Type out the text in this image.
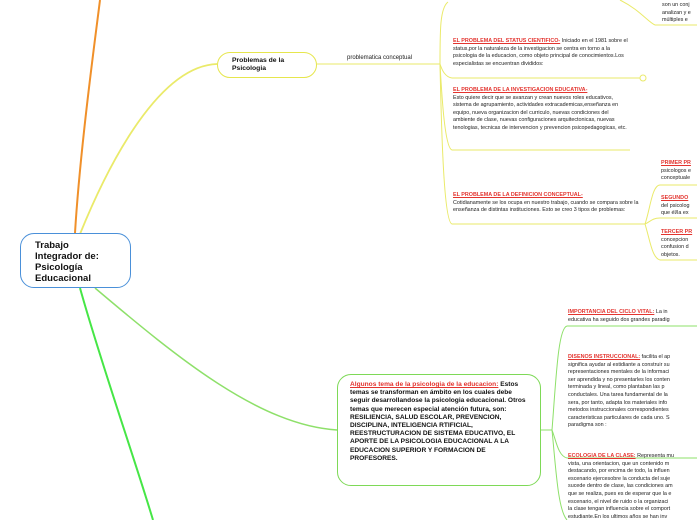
Trabajo Integrador de: Psicología Educacional
Problemas de la Psicologia
problematica conceptual
EL PROBLEMA DEL STATUS CIENTIFICO- Iniciado en el 1981 sobre el status,por la naturaleza de la investigacion se centra en torno a la psicologia de la educacion, como objeto principal de conocimientos.Los especialistas se encuentran divididos:
EL PROBLEMA DE LA INVESTIGACION EDUCATIVA-
Esto quiere decir que se avanzan y crean nuevos roles educativos, sistema de agrupamiento, actividades extracademicas,enseñanza en equipo, nueva organizacion del curriculo, nuevas condiciones del ambiente de clase, nuevas configuraciones arquitectonicas, nuevas tenologias, tecnicas de intervencion y prevencion psicopedagogicas, etc.
EL PROBLEMA DE LA DEFINICION CONCEPTUAL-
Cotidianamente se los ocupa en nuestro trabajo, cuando se compara sobre la enseñanza de distintas instituciones. Esto se creo 3 tipos de problemas:
son un conj
analizan y e
múltiples e
PRIMER PR
psicologos e
conceptuale
SEGUNDO
del psicolog
que él/la ex
TERCER PR
concepcion
confusion d
objetos.
Algunos tema de la psicologia de la educacion: Estos temas se transforman en ámbito en los cuales debe seguir desarrollandose la psicologia educacional. Otros temas que merecen especial atención futura, son: RESILIENCIA, SALUD ESCOLAR, PREVENCION, DISCIPLINA, INTELIGENCIA RTIFICIAL, REESTRUCTURACION DE SISTEMA EDUCATIVO, EL APORTE DE LA PSICOLOGIA EDUCACIONAL A LA EDUCACION SUPERIOR Y FORMACION DE PROFESORES.
IMPORTANCIA DEL CICLO VITAL: La in
educativa ha seguido dos grandes paradig
DISEÑOS INSTRUCCIONAL: facilita el ap
significa ayudar al estidiante a construir su
representaciones mentales de la informaci
ser aprendida y no presentarles los conten
terminada y lineal, como plantaban las p
conductales. Una tarea fundamental de la
sera, por tanto, adapta los materiales info
metodos instruccionales correspondientes
caracteristicas particulares de cada uno. S
paradigma son :
ECOLOGIA DE LA CLASE: Representa mu
vista, una orientacion, que un contenido m
destacando, por encima de todo, la influen
escenario ejercesobre la conducta del suje
sucede dentro de clase, las condiciones am
que se realiza, pues es de esperar que la e
escenario, el nivel de ruido o la organizaci
la clase tengan influencia sobre el comport
estudiante.En los ultimos años se han inv
